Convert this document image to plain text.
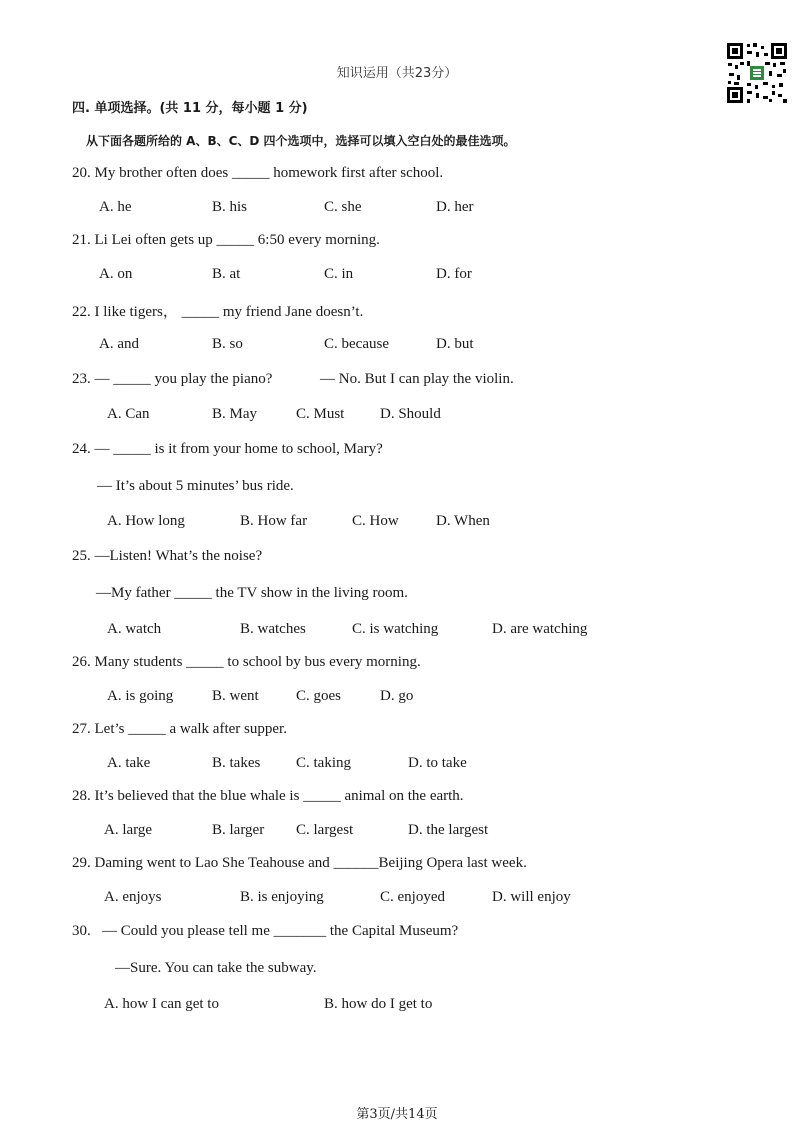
知识运用（共23分）
四. 单项选择。(共 11 分，每小题 1 分)
从下面各题所给的 A、B、C、D 四个选项中，选择可以填入空白处的最佳选项。
20. My brother often does _____ homework first after school.
A. he	B. his	C. she	D. her
21. Li Lei often gets up _____ 6:50 every morning.
A. on	B. at	C. in	D. for
22. I like tigers， _____ my friend Jane doesn’t.
A. and	B. so	C. because	D. but
23. — _____ you play the piano?	— No. But I can play the violin.
A. Can	B. May	C. Must D. Should
24. — _____ is it from your home to school, Mary?
— It’s about 5 minutes’ bus ride.
A. How long	B. How far	C. How D. When
25. —Listen! What’s the noise?
—My father _____ the TV show in the living room.
A. watch	B. watches	C. is watching	D. are watching
26. Many students _____ to school by bus every morning.
A. is going	B. went C. goes	D. go
27. Let’s _____ a walk after supper.
A. take	B. takes C. taking	D. to take
28. It’s believed that the blue whale is _____ animal on the earth.
A. large	B. larger C. largest	D. the largest
29. Daming went to Lao She Teahouse and ______Beijing Opera last week.
A. enjoys	B. is enjoying	C. enjoyed	D. will enjoy
30.   — Could you please tell me _______ the Capital Museum?
—Sure. You can take the subway.
A. how I can get to	B. how do I get to
第3页/共14页
